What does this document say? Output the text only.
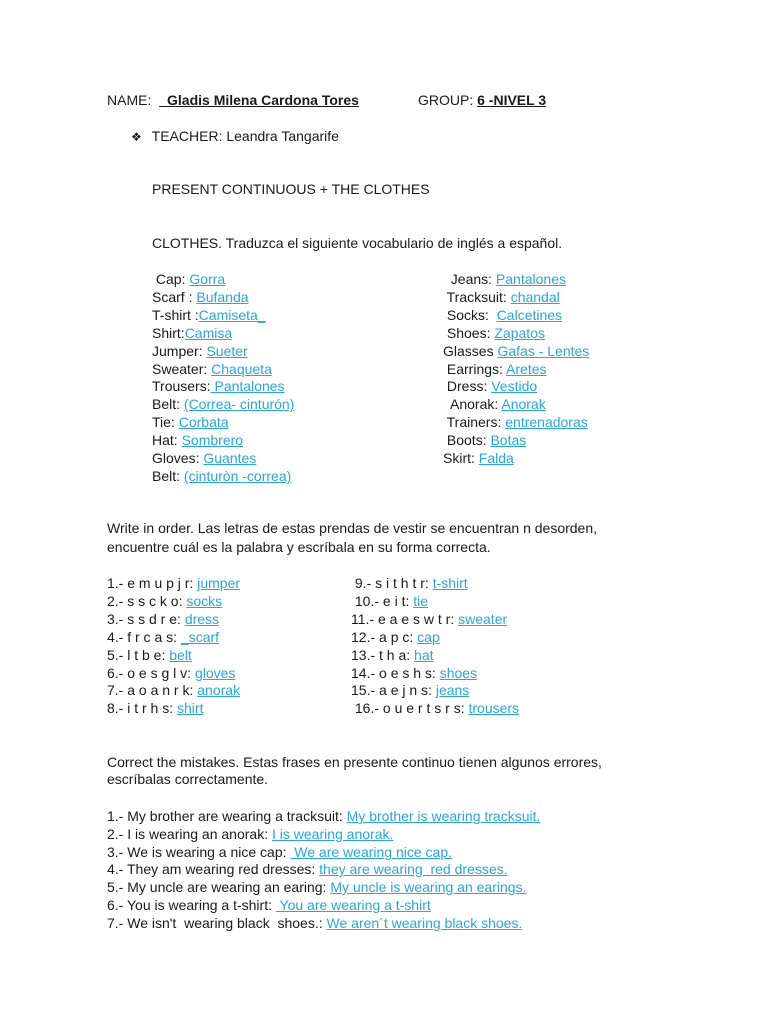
NAME: _Gladis Milena Cardona Tores	GROUP: 6 -NIVEL 3
❖ TEACHER: Leandra Tangarife
PRESENT CONTINUOUS + THE CLOTHES
CLOTHES. Traduzca el siguiente vocabulario de inglés a español.
Cap: Gorra
Scarf : Bufanda
T-shirt :Camiseta_
Shirt:Camisa
Jumper: Sueter
Sweater: Chaqueta
Trousers: Pantalones
Belt: (Correa- cinturón)
Tie: Corbata
Hat: Sombrero
Gloves: Guantes
Belt: (cinturòn -correa)
Jeans: Pantalones
Tracksuit: chandal
Socks:  Calcetines
Shoes: Zapatos
Glasses Gafas - Lentes
Earrings: Aretes
Dress: Vestido
Anorak: Anorak
Trainers: entrenadoras
Boots: Botas
Skirt: Falda
Write in order. Las letras de estas prendas de vestir se encuentran n desorden,
encuentre cuál es la palabra y escríbala en su forma correcta.
1.- e m u p j r: jumper
2.- s s c k o: socks
3.- s s d r e: dress
4.- f r c a s: _scarf
5.- l t b e: belt
6.- o e s g l v: gloves
7.- a o a n r k: anorak
8.- i t r h s: shirt
9.- s i t h t r: t-shirt
10.- e i t: tie
11.- e a e s w t r: sweater
12.- a p c: cap
13.- t h a: hat
14.- o e s h s: shoes
15.- a e j n s: jeans
16.- o u e r t s r s: trousers
Correct the mistakes. Estas frases en presente continuo tienen algunos errores,
escríbalas correctamente.
1.- My brother are wearing a tracksuit: My brother is wearing tracksuit.
2.- I is wearing an anorak: I is wearing anorak.
3.- We is wearing a nice cap:  We are wearing nice cap.
4.- They am wearing red dresses: they are wearing  red dresses.
5.- My uncle are wearing an earing: My uncle is wearing an earings.
6.- You is wearing a t-shirt:  You are wearing a t-shirt
7.- We isn't  wearing black  shoes.: We aren´t wearing black shoes.
